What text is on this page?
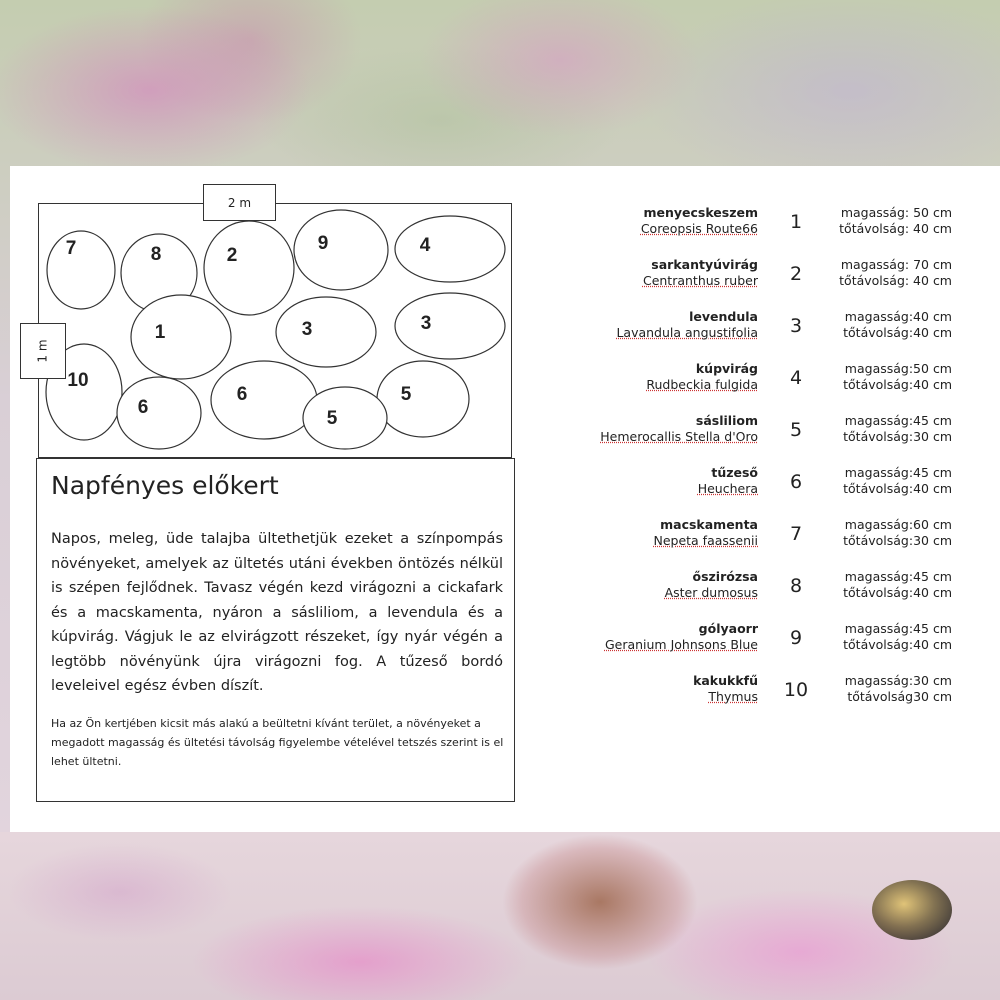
7	8	2
9	4
1	3	3
10
6
6	5
5
2 m
1 m
Napfényes előkert
Napos, meleg, üde talajba ültethetjük ezeket a színpompás növényeket, amelyek az ültetés utáni években öntözés nélkül is szépen fejlődnek. Tavasz végén kezd virágozni a cickafark és a macskamenta, nyáron a sásliliom, a levendula és a kúpvirág. Vágjuk le az elvirágzott részeket, így nyár végén a legtöbb növényünk újra virágozni fog. A tűzeső bordó leveleivel egész évben díszít.
Ha az Ön kertjében kicsit más alakú a beültetni kívánt terület, a növényeket a megadott magasság és ültetési távolság figyelembe vételével tetszés szerint is el lehet ültetni.
menyecskeszem
Coreopsis Route66	1	magasság: 50 cm
tőtávolság: 40 cm
sarkantyúvirág
Centranthus ruber	2	magasság: 70 cm
tőtávolság: 40 cm
levendula
Lavandula angustifolia	3	magasság:40 cm
tőtávolság:40 cm
kúpvirág
Rudbeckia fulgida	4	magasság:50 cm
tőtávolság:40 cm
sásliliom
Hemerocallis Stella d'Oro	5	magasság:45 cm
tőtávolság:30 cm
tűzeső
Heuchera	6	magasság:45 cm
tőtávolság:40 cm
macskamenta
Nepeta faassenii	7	magasság:60 cm
tőtávolság:30 cm
őszirózsa
Aster dumosus	8	magasság:45 cm
tőtávolság:40 cm
gólyaorr
Geranium Johnsons Blue	9	magasság:45 cm
tőtávolság:40 cm
kakukkfű
Thymus	10	magasság:30 cm
tőtávolság30 cm
